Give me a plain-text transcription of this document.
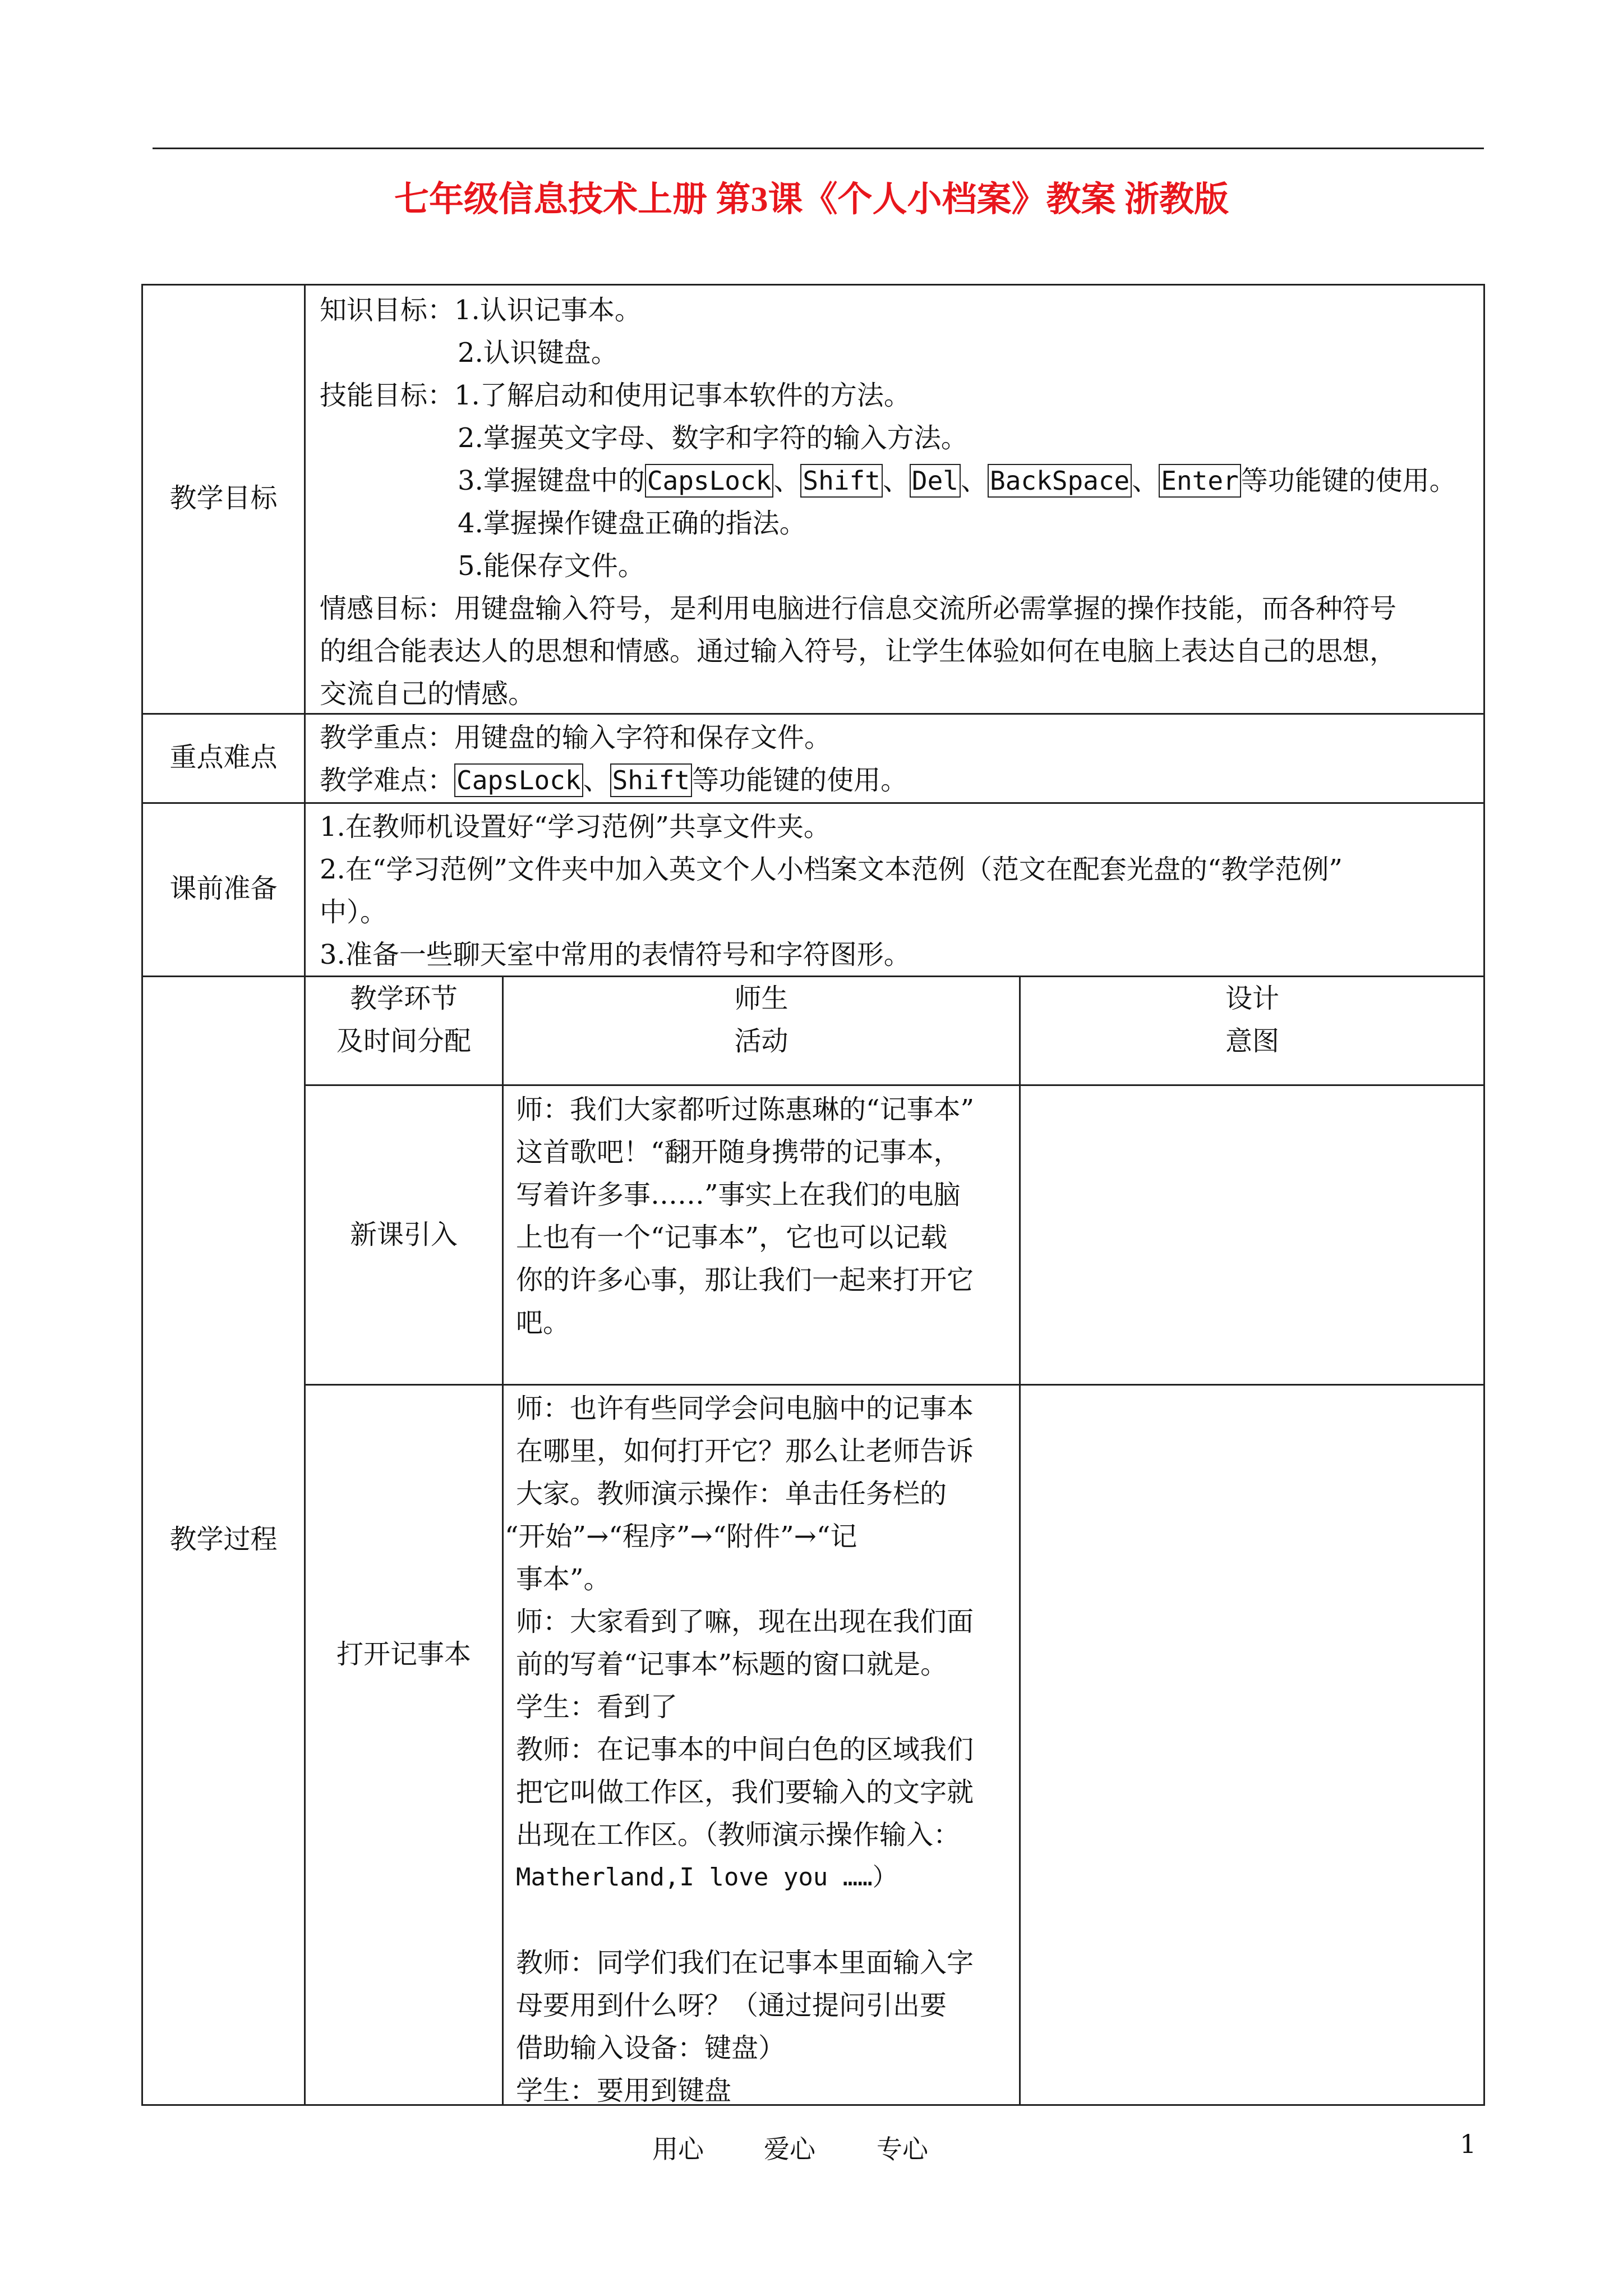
七年级信息技术上册 第3课《个人小档案》教案 浙教版
教学目标
重点难点
课前准备
教学过程
知识目标：1.认识记事本。
2.认识键盘。
技能目标：1.了解启动和使用记事本软件的方法。
2.掌握英文字母、数字和字符的输入方法。
3.掌握键盘中的CapsLock、Shift、Del、BackSpace、Enter等功能键的使用。
4.掌握操作键盘正确的指法。
5.能保存文件。
情感目标：用键盘输入符号，是利用电脑进行信息交流所必需掌握的操作技能，而各种符号
的组合能表达人的思想和情感。通过输入符号，让学生体验如何在电脑上表达自己的思想，
交流自己的情感。
教学重点：用键盘的输入字符和保存文件。
教学难点：CapsLock、Shift等功能键的使用。
1.在教师机设置好“学习范例”共享文件夹。
2.在“学习范例”文件夹中加入英文个人小档案文本范例（范文在配套光盘的“教学范例”
中）。
3.准备一些聊天室中常用的表情符号和字符图形。
教学环节
及时间分配
师生
活动
设计
意图
新课引入
师：我们大家都听过陈惠琳的“记事本”
这首歌吧！“翻开随身携带的记事本，
写着许多事……”事实上在我们的电脑
上也有一个“记事本”，它也可以记载
你的许多心事，那让我们一起来打开它
吧。
打开记事本
师：也许有些同学会问电脑中的记事本
在哪里，如何打开它？那么让老师告诉
大家。教师演示操作：单击任务栏的
“开始”→“程序”→“附件”→“记
事本”。
师：大家看到了嘛，现在出现在我们面
前的写着“记事本”标题的窗口就是。
学生：看到了
教师：在记事本的中间白色的区域我们
把它叫做工作区，我们要输入的文字就
出现在工作区。（教师演示操作输入：
Matherland,I love you ……）
教师：同学们我们在记事本里面输入字
母要用到什么呀？（通过提问引出要
借助输入设备：键盘）
学生：要用到键盘
用心 爱心 专心	1
